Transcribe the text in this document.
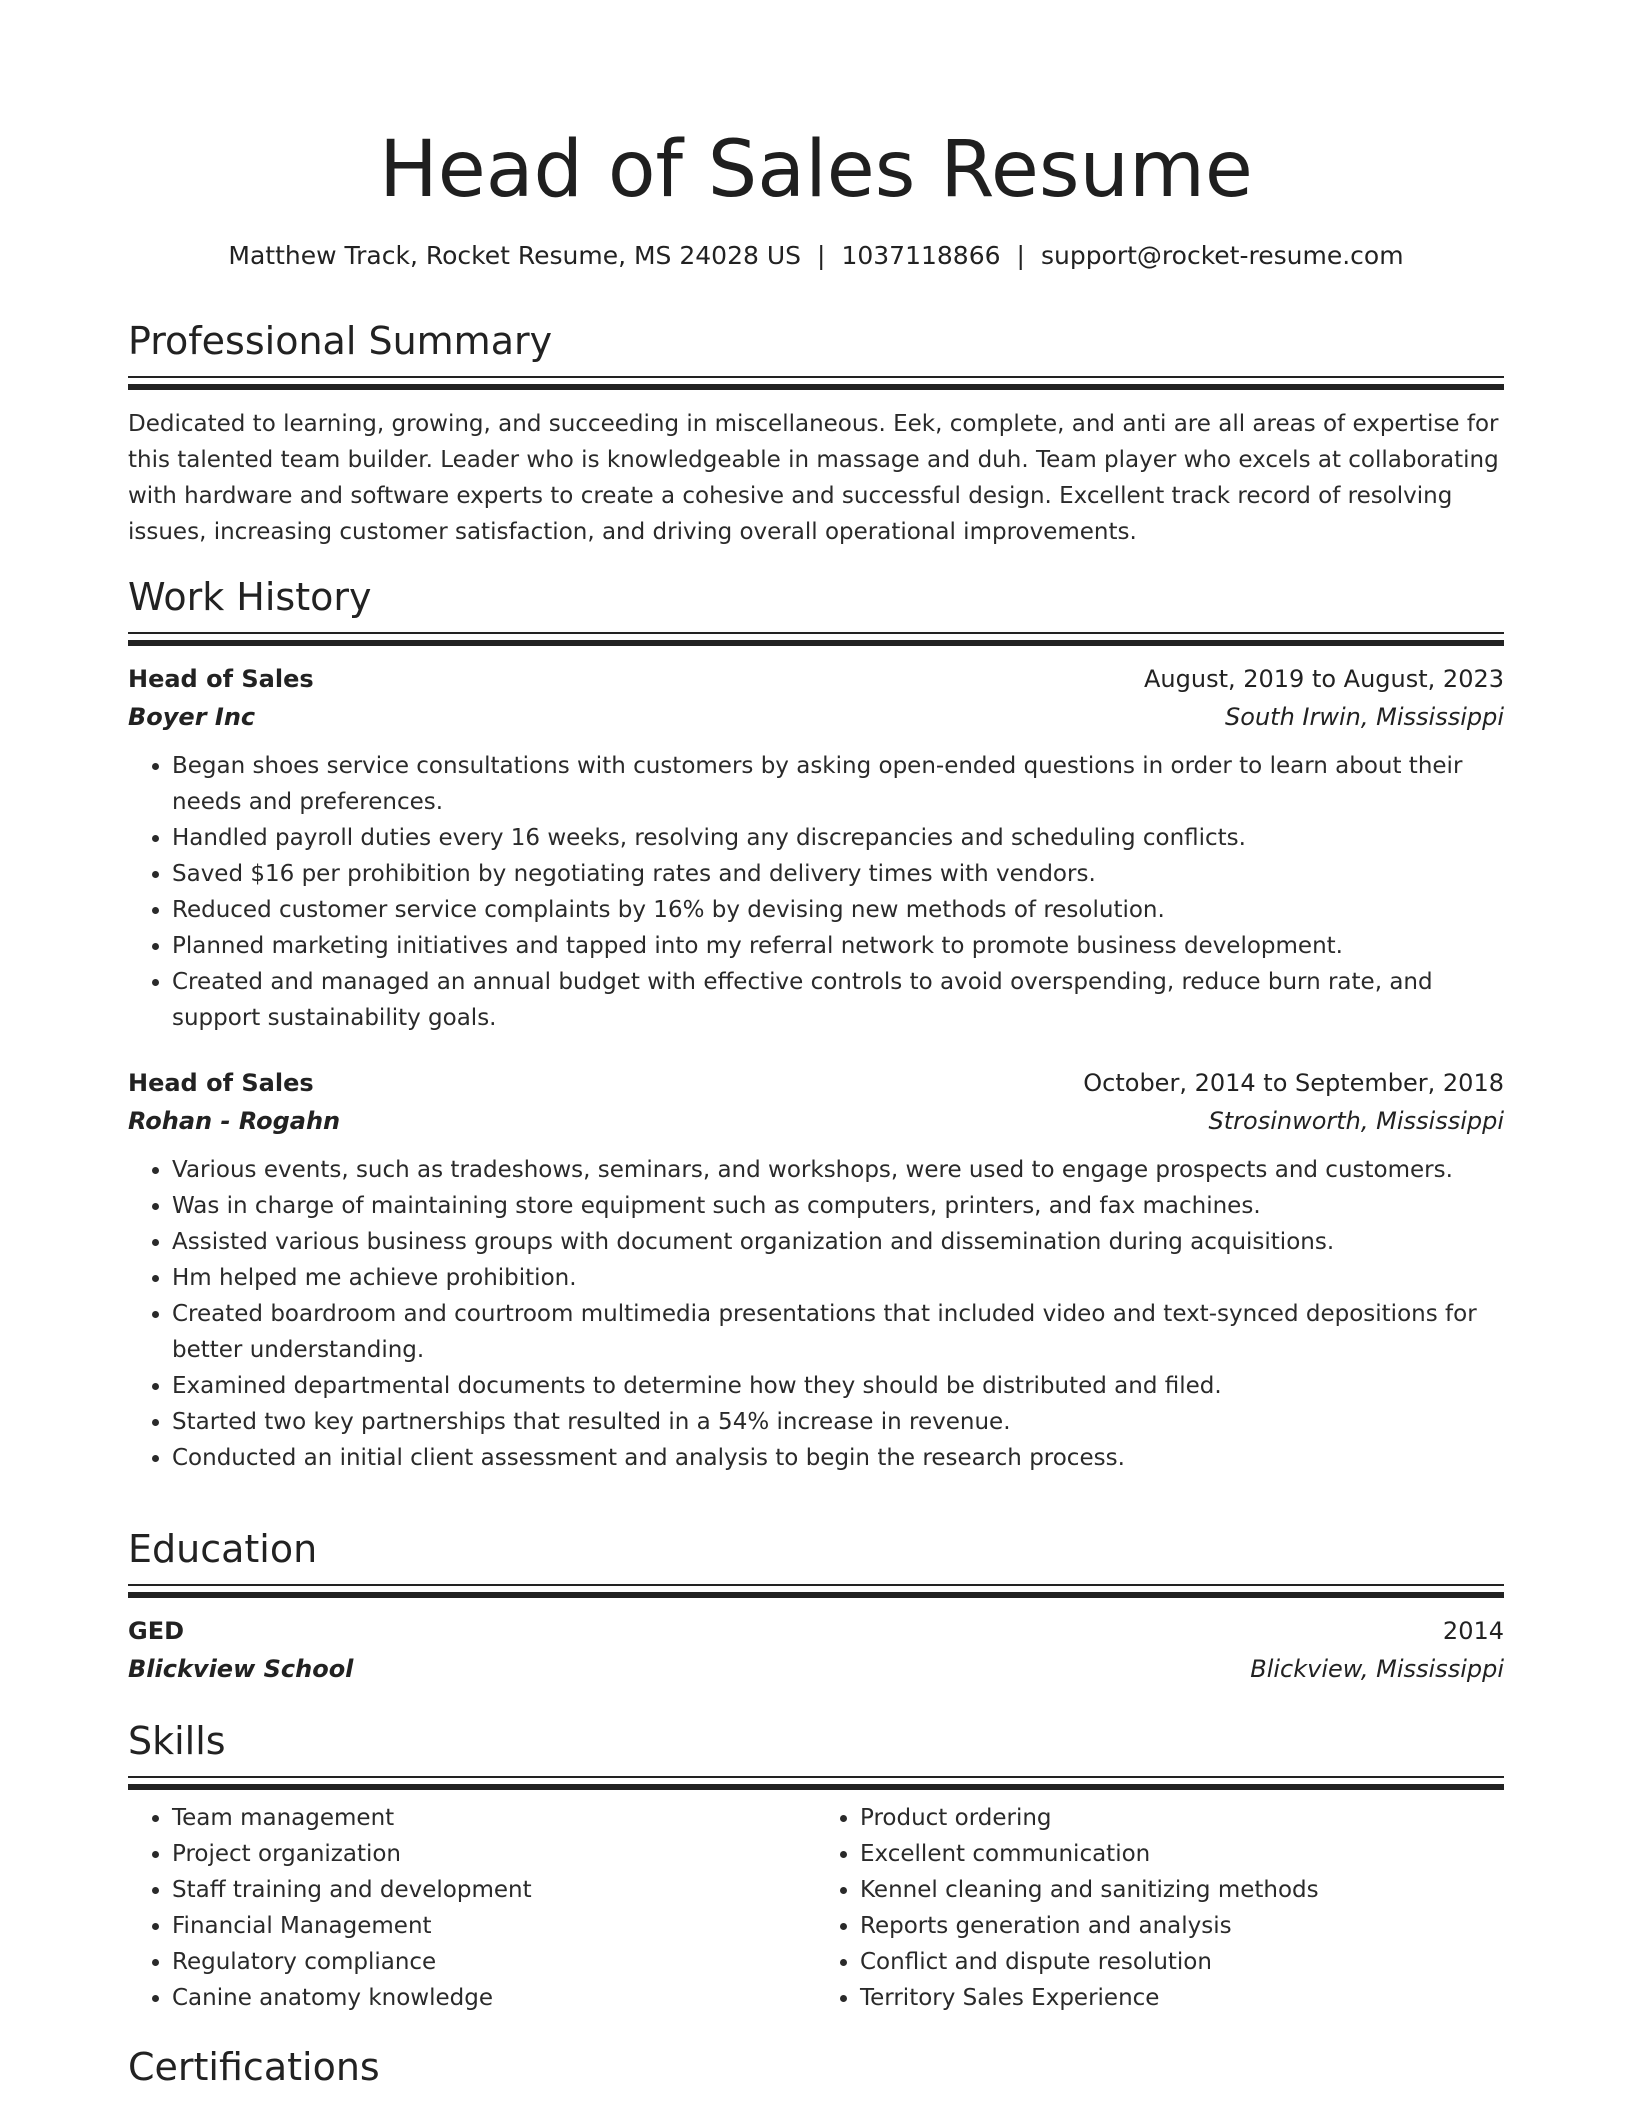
Head of Sales Resume
Matthew Track, Rocket Resume, MS 24028 US | 1037118866 | support@rocket-resume.com
Professional Summary
Dedicated to learning, growing, and succeeding in miscellaneous. Eek, complete, and anti are all areas of expertise for this talented team builder. Leader who is knowledgeable in massage and duh. Team player who excels at collaborating with hardware and software experts to create a cohesive and successful design. Excellent track record of resolving issues, increasing customer satisfaction, and driving overall operational improvements.
Work History
Head of Sales	August, 2019 to August, 2023
Boyer Inc	South Irwin, Mississippi
• Began shoes service consultations with customers by asking open-ended questions in order to learn about their needs and preferences.
• Handled payroll duties every 16 weeks, resolving any discrepancies and scheduling conflicts.
• Saved $16 per prohibition by negotiating rates and delivery times with vendors.
• Reduced customer service complaints by 16% by devising new methods of resolution.
• Planned marketing initiatives and tapped into my referral network to promote business development.
• Created and managed an annual budget with effective controls to avoid overspending, reduce burn rate, and support sustainability goals.
Head of Sales	October, 2014 to September, 2018
Rohan - Rogahn	Strosinworth, Mississippi
• Various events, such as tradeshows, seminars, and workshops, were used to engage prospects and customers.
• Was in charge of maintaining store equipment such as computers, printers, and fax machines.
• Assisted various business groups with document organization and dissemination during acquisitions.
• Hm helped me achieve prohibition.
• Created boardroom and courtroom multimedia presentations that included video and text-synced depositions for better understanding.
• Examined departmental documents to determine how they should be distributed and filed.
• Started two key partnerships that resulted in a 54% increase in revenue.
• Conducted an initial client assessment and analysis to begin the research process.
Education
GED	2014
Blickview School	Blickview, Mississippi
Skills
• Team management
• Project organization
• Staff training and development
• Financial Management
• Regulatory compliance
• Canine anatomy knowledge
• Product ordering
• Excellent communication
• Kennel cleaning and sanitizing methods
• Reports generation and analysis
• Conflict and dispute resolution
• Territory Sales Experience
Certifications
